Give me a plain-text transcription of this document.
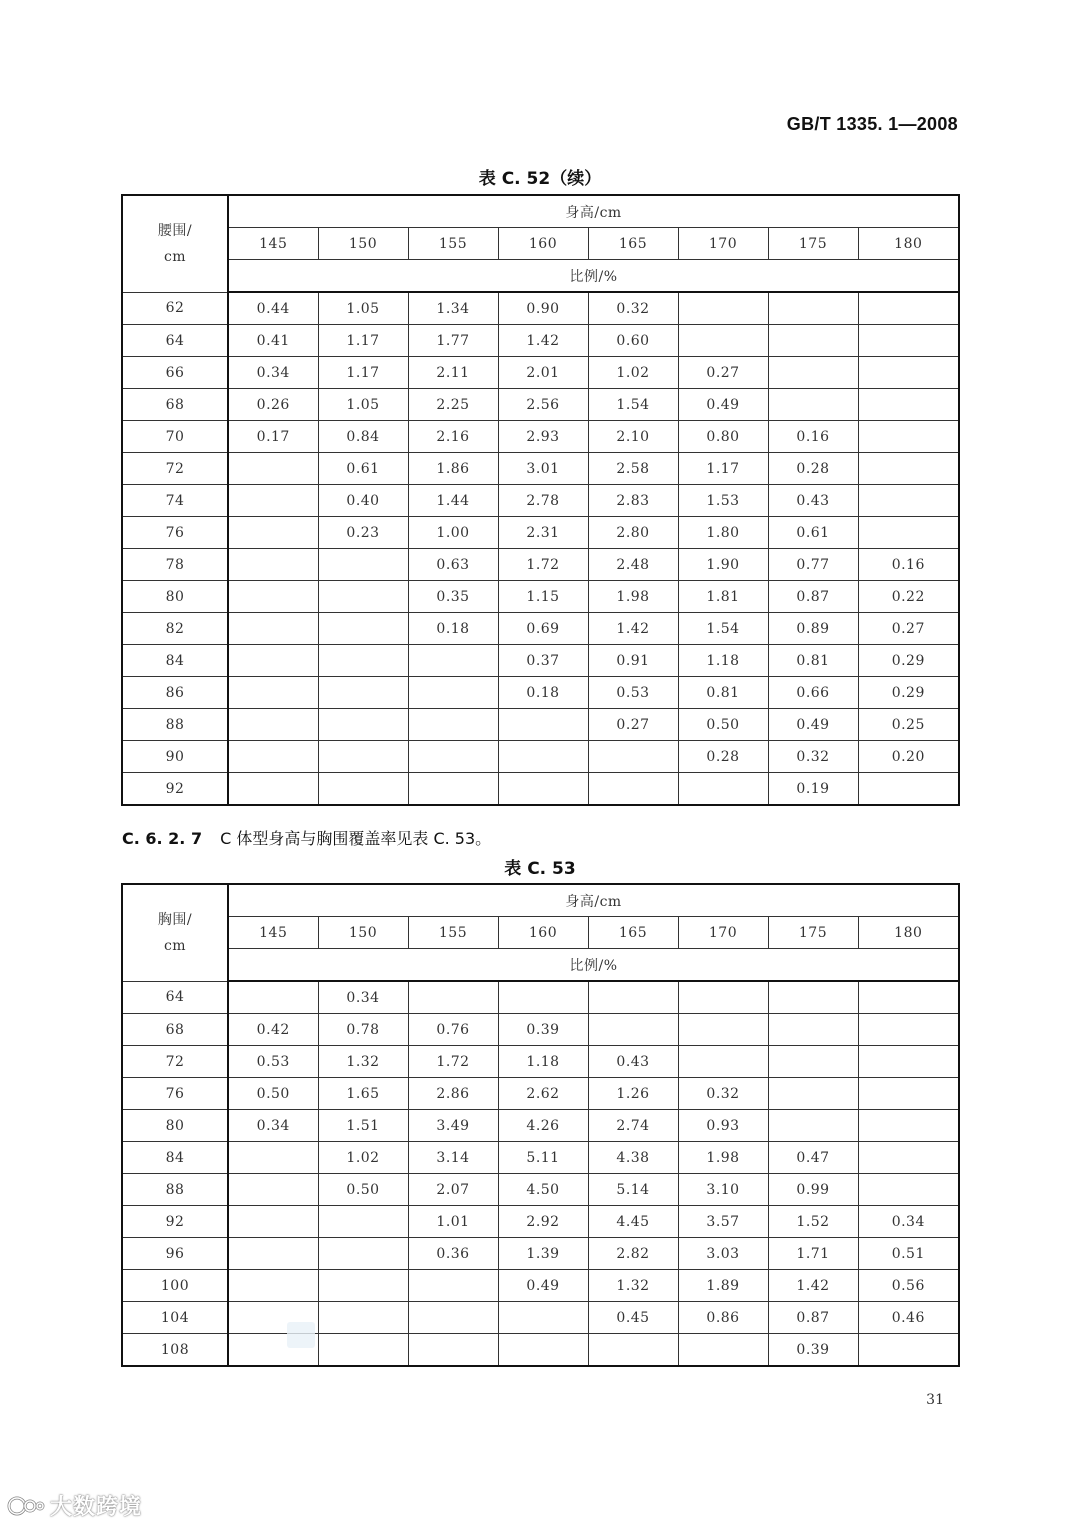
GB/T 1335. 1—2008
表 C. 52（续）
腰围/
cm	身高/cm							
	145	150	155	160	165	170	175	180
	比例/%							
62	0.44	1.05	1.34	0.90	0.32			
64	0.41	1.17	1.77	1.42	0.60			
66	0.34	1.17	2.11	2.01	1.02	0.27		
68	0.26	1.05	2.25	2.56	1.54	0.49		
70	0.17	0.84	2.16	2.93	2.10	0.80	0.16	
72		0.61	1.86	3.01	2.58	1.17	0.28	
74		0.40	1.44	2.78	2.83	1.53	0.43	
76		0.23	1.00	2.31	2.80	1.80	0.61	
78			0.63	1.72	2.48	1.90	0.77	0.16
80			0.35	1.15	1.98	1.81	0.87	0.22
82			0.18	0.69	1.42	1.54	0.89	0.27
84				0.37	0.91	1.18	0.81	0.29
86				0.18	0.53	0.81	0.66	0.29
88					0.27	0.50	0.49	0.25
90						0.28	0.32	0.20
92							0.19	
C. 6. 2. 7 C 体型身高与胸围覆盖率见表 C. 53。
表 C. 53
胸围/
cm	身高/cm							
	145	150	155	160	165	170	175	180
	比例/%							
64		0.34						
68	0.42	0.78	0.76	0.39				
72	0.53	1.32	1.72	1.18	0.43			
76	0.50	1.65	2.86	2.62	1.26	0.32		
80	0.34	1.51	3.49	4.26	2.74	0.93		
84		1.02	3.14	5.11	4.38	1.98	0.47	
88		0.50	2.07	4.50	5.14	3.10	0.99	
92			1.01	2.92	4.45	3.57	1.52	0.34
96			0.36	1.39	2.82	3.03	1.71	0.51
100				0.49	1.32	1.89	1.42	0.56
104					0.45	0.86	0.87	0.46
108							0.39	
31
大数跨境
